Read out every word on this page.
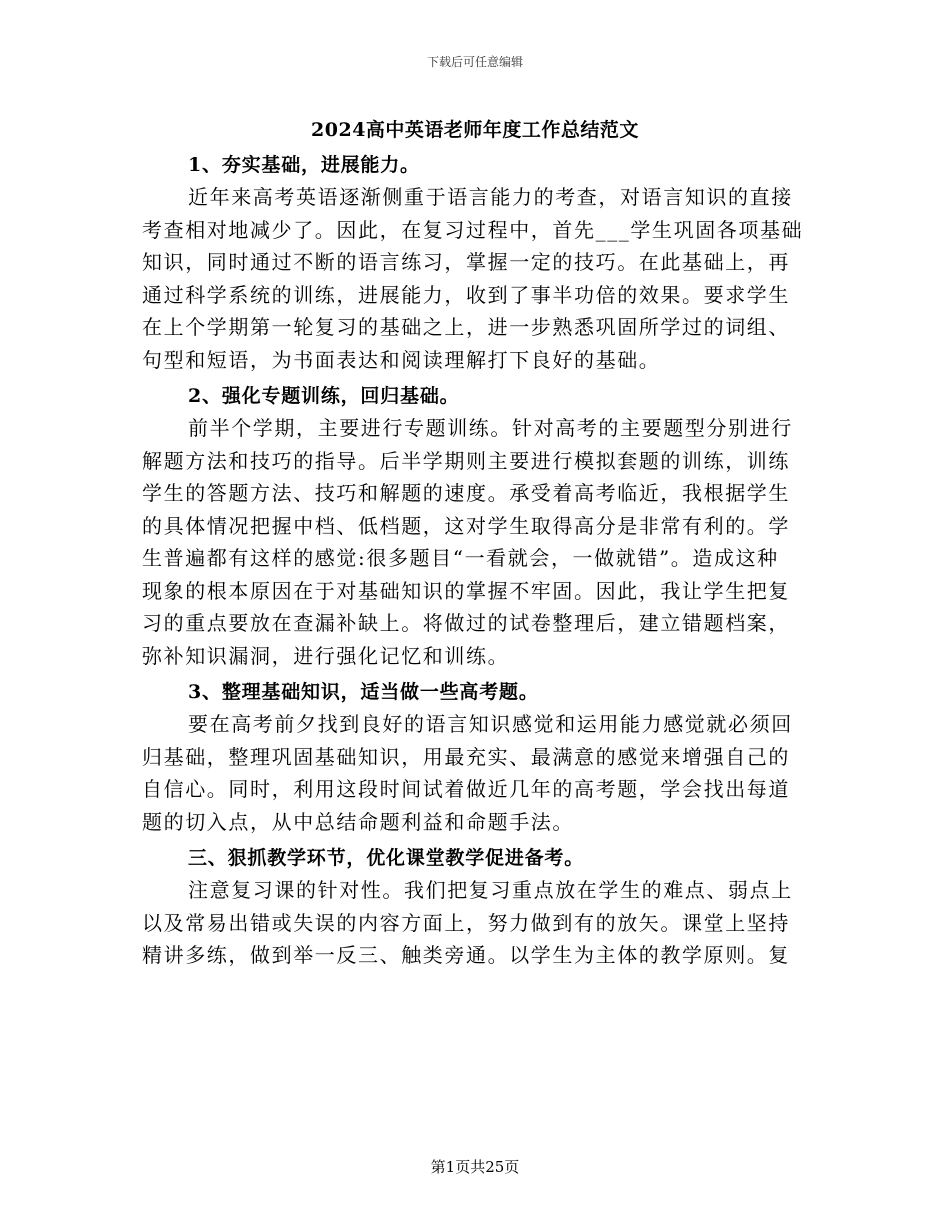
下载后可任意编辑
2024高中英语老师年度工作总结范文
1、夯实基础，进展能力。
近年来高考英语逐渐侧重于语言能力的考查，对语言知识的直接
考查相对地减少了。因此，在复习过程中，首先___学生巩固各项基础
知识，同时通过不断的语言练习，掌握一定的技巧。在此基础上，再
通过科学系统的训练，进展能力，收到了事半功倍的效果。要求学生
在上个学期第一轮复习的基础之上，进一步熟悉巩固所学过的词组、
句型和短语，为书面表达和阅读理解打下良好的基础。
2、强化专题训练，回归基础。
前半个学期，主要进行专题训练。针对高考的主要题型分别进行
解题方法和技巧的指导。后半学期则主要进行模拟套题的训练，训练
学生的答题方法、技巧和解题的速度。承受着高考临近，我根据学生
的具体情况把握中档、低档题，这对学生取得高分是非常有利的。学
生普遍都有这样的感觉:很多题目“一看就会，一做就错”。造成这种
现象的根本原因在于对基础知识的掌握不牢固。因此，我让学生把复
习的重点要放在查漏补缺上。将做过的试卷整理后，建立错题档案，
弥补知识漏洞，进行强化记忆和训练。
3、整理基础知识，适当做一些高考题。
要在高考前夕找到良好的语言知识感觉和运用能力感觉就必须回
归基础，整理巩固基础知识，用最充实、最满意的感觉来增强自己的
自信心。同时，利用这段时间试着做近几年的高考题，学会找出每道
题的切入点，从中总结命题利益和命题手法。
三、狠抓教学环节，优化课堂教学促进备考。
注意复习课的针对性。我们把复习重点放在学生的难点、弱点上
以及常易出错或失误的内容方面上，努力做到有的放矢。课堂上坚持
精讲多练，做到举一反三、触类旁通。以学生为主体的教学原则。复
第1页共25页
